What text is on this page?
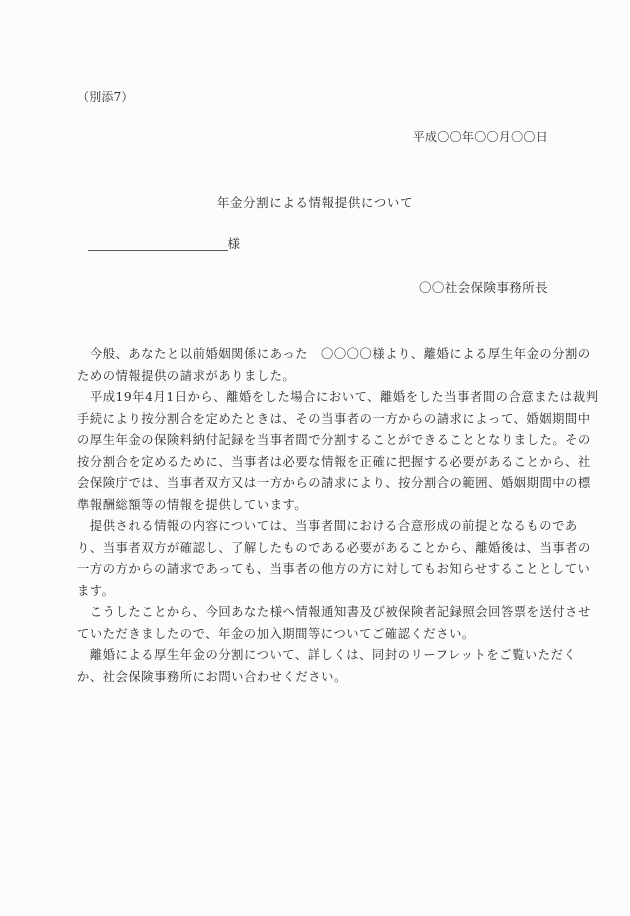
（別添7）
平成〇〇年〇〇月〇〇日
年金分割による情報提供について
様
〇〇社会保険事務所長
　今般、あなたと以前婚姻関係にあった　〇〇〇〇様より、離婚による厚生年金の分割の
ための情報提供の請求がありました。
　平成19年4月1日から、離婚をした場合において、離婚をした当事者間の合意または裁判
手続により按分割合を定めたときは、その当事者の一方からの請求によって、婚姻期間中
の厚生年金の保険料納付記録を当事者間で分割することができることとなりました。その
按分割合を定めるために、当事者は必要な情報を正確に把握する必要があることから、社
会保険庁では、当事者双方又は一方からの請求により、按分割合の範囲、婚姻期間中の標
準報酬総額等の情報を提供しています。
　提供される情報の内容については、当事者間における合意形成の前提となるものであ
り、当事者双方が確認し、了解したものである必要があることから、離婚後は、当事者の
一方の方からの請求であっても、当事者の他方の方に対してもお知らせすることとしてい
ます。
　こうしたことから、今回あなた様へ情報通知書及び被保険者記録照会回答票を送付させ
ていただきましたので、年金の加入期間等についてご確認ください。
　離婚による厚生年金の分割について、詳しくは、同封のリーフレットをご覧いただく
か、社会保険事務所にお問い合わせください。
